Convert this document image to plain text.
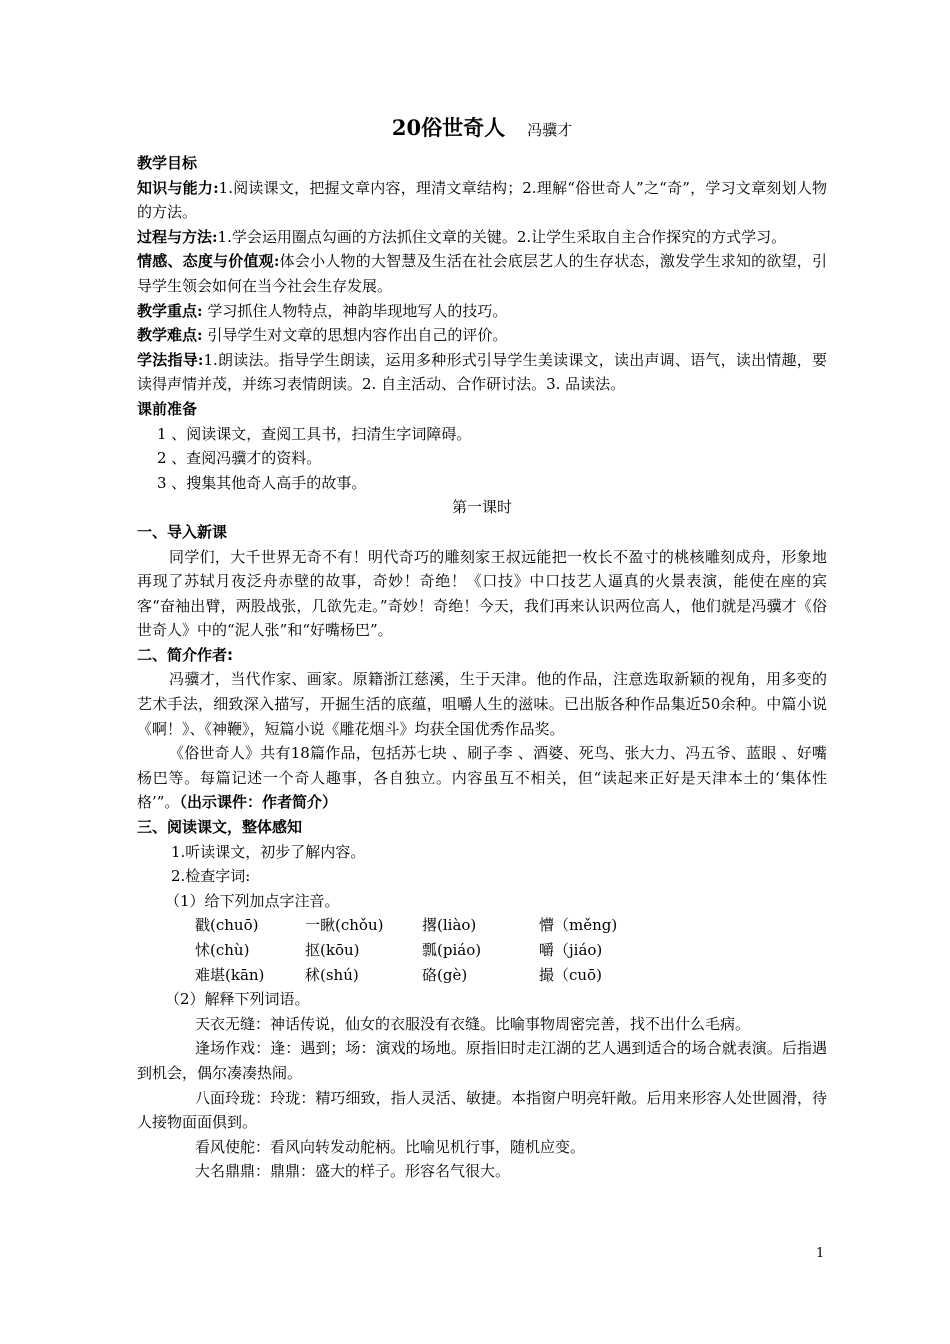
20俗世奇人 冯骥才

教学目标

知识与能力:1.阅读课文，把握文章内容，理清文章结构；2.理解“俗世奇人”之“奇”，学习文章刻划人物的方法。

过程与方法:1.学会运用圈点勾画的方法抓住文章的关键。2.让学生采取自主合作探究的方式学习。

情感、态度与价值观:体会小人物的大智慧及生活在社会底层艺人的生存状态，激发学生求知的欲望，引导学生领会如何在当今社会生存发展。

教学重点: 学习抓住人物特点，神韵毕现地写人的技巧。

教学难点: 引导学生对文章的思想内容作出自己的评价。

学法指导:1.朗读法。指导学生朗读，运用多种形式引导学生美读课文，读出声调、语气，读出情趣，要读得声情并茂，并练习表情朗读。2. 自主活动、合作研讨法。3. 品读法。

课前准备

1 、阅读课文，查阅工具书，扫清生字词障碍。

2 、查阅冯骥才的资料。

3 、搜集其他奇人高手的故事。

第一课时

一、导入新课

同学们，大千世界无奇不有！明代奇巧的雕刻家王叔远能把一枚长不盈寸的桃核雕刻成舟，形象地再现了苏轼月夜泛舟赤壁的故事，奇妙！奇绝！《口技》中口技艺人逼真的火景表演，能使在座的宾客“奋袖出臂，两股战张，几欲先走。”奇妙！奇绝！今天，我们再来认识两位高人，他们就是冯骥才《俗世奇人》中的“泥人张”和“好嘴杨巴”。

二、简介作者:

冯骥才，当代作家、画家。原籍浙江慈溪，生于天津。他的作品，注意选取新颖的视角，用多变的艺术手法，细致深入描写，开掘生活的底蕴，咀嚼人生的滋味。已出版各种作品集近50余种。中篇小说《啊！》、《神鞭》，短篇小说《雕花烟斗》均获全国优秀作品奖。

《俗世奇人》共有18篇作品，包括苏七块 、刷子李 、酒婆、死鸟、张大力、冯五爷、蓝眼 、好嘴杨巴等。每篇记述一个奇人趣事，各自独立。内容虽互不相关，但“读起来正好是天津本土的‘集体性格’”。（出示课件：作者简介）

三、阅读课文，整体感知

1.听读课文，初步了解内容。

2.检查字词:

（1）给下列加点字注音。

戳(chuō)	一瞅(chǒu)	撂(liào)	懵（měng)
怵(chù)	抠(kōu)	瓢(piáo)	嚼（jiáo)
难堪(kān)	秫(shú)	硌(gè)	撮（cuō)

（2）解释下列词语。

天衣无缝：神话传说，仙女的衣服没有衣缝。比喻事物周密完善，找不出什么毛病。

逢场作戏：逢：遇到；场：演戏的场地。原指旧时走江湖的艺人遇到适合的场合就表演。后指遇到机会，偶尔凑凑热闹。

八面玲珑：玲珑：精巧细致，指人灵活、敏捷。本指窗户明亮轩敞。后用来形容人处世圆滑，待人接物面面俱到。

看风使舵：看风向转发动舵柄。比喻见机行事，随机应变。

大名鼎鼎：鼎鼎：盛大的样子。形容名气很大。

1
